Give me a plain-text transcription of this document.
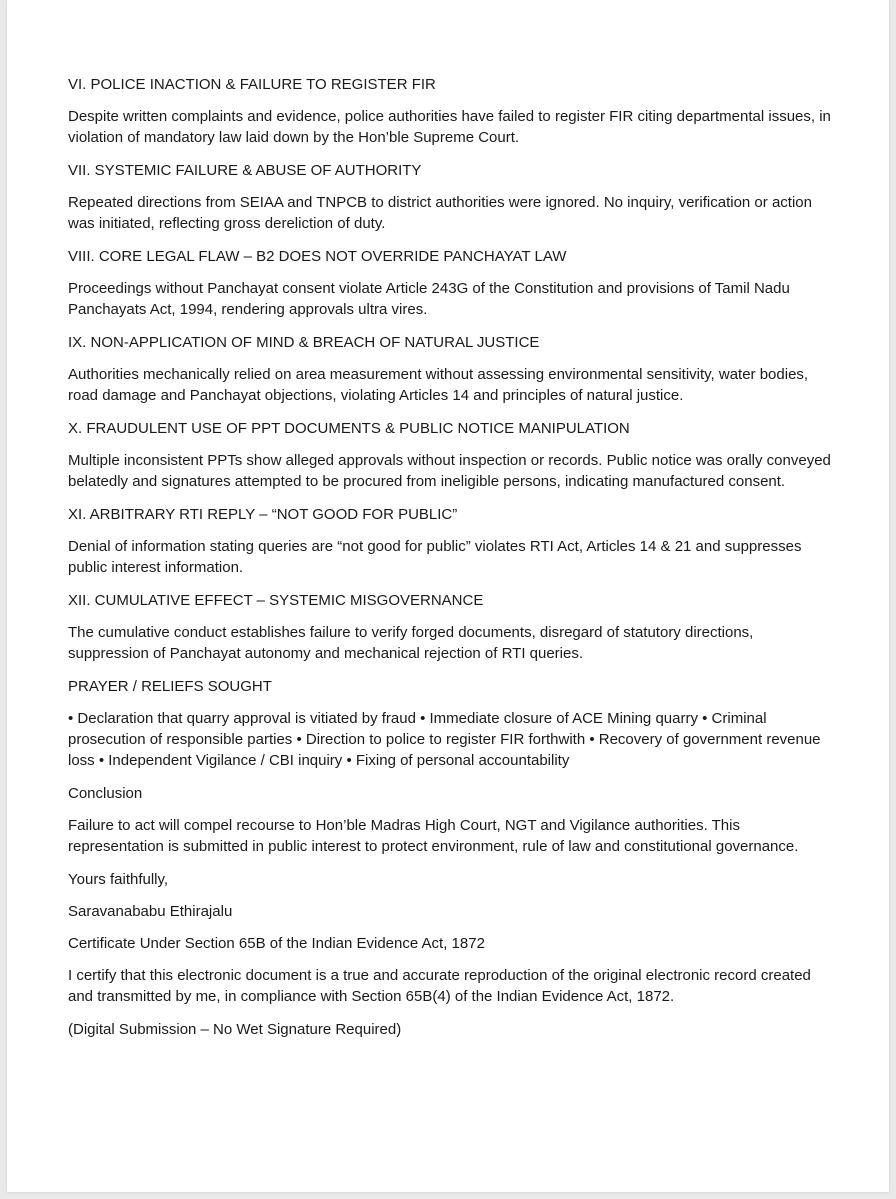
VI. POLICE INACTION & FAILURE TO REGISTER FIR

Despite written complaints and evidence, police authorities have failed to register FIR citing departmental issues, in violation of mandatory law laid down by the Hon’ble Supreme Court.

VII. SYSTEMIC FAILURE & ABUSE OF AUTHORITY

Repeated directions from SEIAA and TNPCB to district authorities were ignored. No inquiry, verification or action was initiated, reflecting gross dereliction of duty.

VIII. CORE LEGAL FLAW – B2 DOES NOT OVERRIDE PANCHAYAT LAW

Proceedings without Panchayat consent violate Article 243G of the Constitution and provisions of Tamil Nadu Panchayats Act, 1994, rendering approvals ultra vires.

IX. NON-APPLICATION OF MIND & BREACH OF NATURAL JUSTICE

Authorities mechanically relied on area measurement without assessing environmental sensitivity, water bodies, road damage and Panchayat objections, violating Articles 14 and principles of natural justice.

X. FRAUDULENT USE OF PPT DOCUMENTS & PUBLIC NOTICE MANIPULATION

Multiple inconsistent PPTs show alleged approvals without inspection or records. Public notice was orally conveyed belatedly and signatures attempted to be procured from ineligible persons, indicating manufactured consent.

XI. ARBITRARY RTI REPLY – “NOT GOOD FOR PUBLIC”

Denial of information stating queries are “not good for public” violates RTI Act, Articles 14 & 21 and suppresses public interest information.

XII. CUMULATIVE EFFECT – SYSTEMIC MISGOVERNANCE

The cumulative conduct establishes failure to verify forged documents, disregard of statutory directions, suppression of Panchayat autonomy and mechanical rejection of RTI queries.

PRAYER / RELIEFS SOUGHT

• Declaration that quarry approval is vitiated by fraud • Immediate closure of ACE Mining quarry • Criminal prosecution of responsible parties • Direction to police to register FIR forthwith • Recovery of government revenue loss • Independent Vigilance / CBI inquiry • Fixing of personal accountability

Conclusion

Failure to act will compel recourse to Hon’ble Madras High Court, NGT and Vigilance authorities. This representation is submitted in public interest to protect environment, rule of law and constitutional governance.

Yours faithfully,

Saravanababu Ethirajalu

Certificate Under Section 65B of the Indian Evidence Act, 1872

I certify that this electronic document is a true and accurate reproduction of the original electronic record created and transmitted by me, in compliance with Section 65B(4) of the Indian Evidence Act, 1872.

(Digital Submission – No Wet Signature Required)
